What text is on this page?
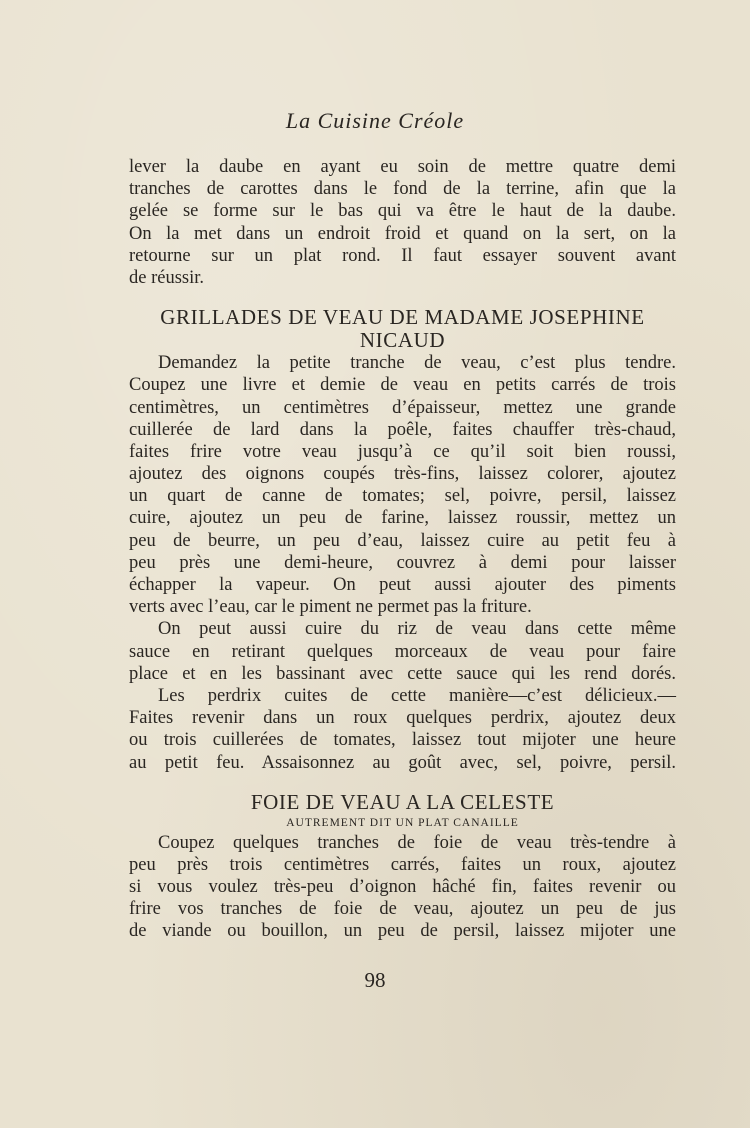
La Cuisine Créole
lever la daube en ayant eu soin de mettre quatre demi
tranches de carottes dans le fond de la terrine, afin que la
gelée se forme sur le bas qui va être le haut de la daube.
On la met dans un endroit froid et quand on la sert, on la
retourne sur un plat rond. Il faut essayer souvent avant
de réussir.
GRILLADES DE VEAU DE MADAME JOSEPHINE
NICAUD
Demandez la petite tranche de veau, c’est plus tendre.
Coupez une livre et demie de veau en petits carrés de trois
centimètres, un centimètres d’épaisseur, mettez une grande
cuillerée de lard dans la poêle, faites chauffer très-chaud,
faites frire votre veau jusqu’à ce qu’il soit bien roussi,
ajoutez des oignons coupés très-fins, laissez colorer, ajoutez
un quart de canne de tomates; sel, poivre, persil, laissez
cuire, ajoutez un peu de farine, laissez roussir, mettez un
peu de beurre, un peu d’eau, laissez cuire au petit feu à
peu près une demi-heure, couvrez à demi pour laisser
échapper la vapeur. On peut aussi ajouter des piments
verts avec l’eau, car le piment ne permet pas la friture.
On peut aussi cuire du riz de veau dans cette même
sauce en retirant quelques morceaux de veau pour faire
place et en les bassinant avec cette sauce qui les rend dorés.
Les perdrix cuites de cette manière—c’est délicieux.—
Faites revenir dans un roux quelques perdrix, ajoutez deux
ou trois cuillerées de tomates, laissez tout mijoter une heure
au petit feu. Assaisonnez au goût avec, sel, poivre, persil.
FOIE DE VEAU A LA CELESTE
AUTREMENT DIT UN PLAT CANAILLE
Coupez quelques tranches de foie de veau très-tendre à
peu près trois centimètres carrés, faites un roux, ajoutez
si vous voulez très-peu d’oignon hâché fin, faites revenir ou
frire vos tranches de foie de veau, ajoutez un peu de jus
de viande ou bouillon, un peu de persil, laissez mijoter une
98
